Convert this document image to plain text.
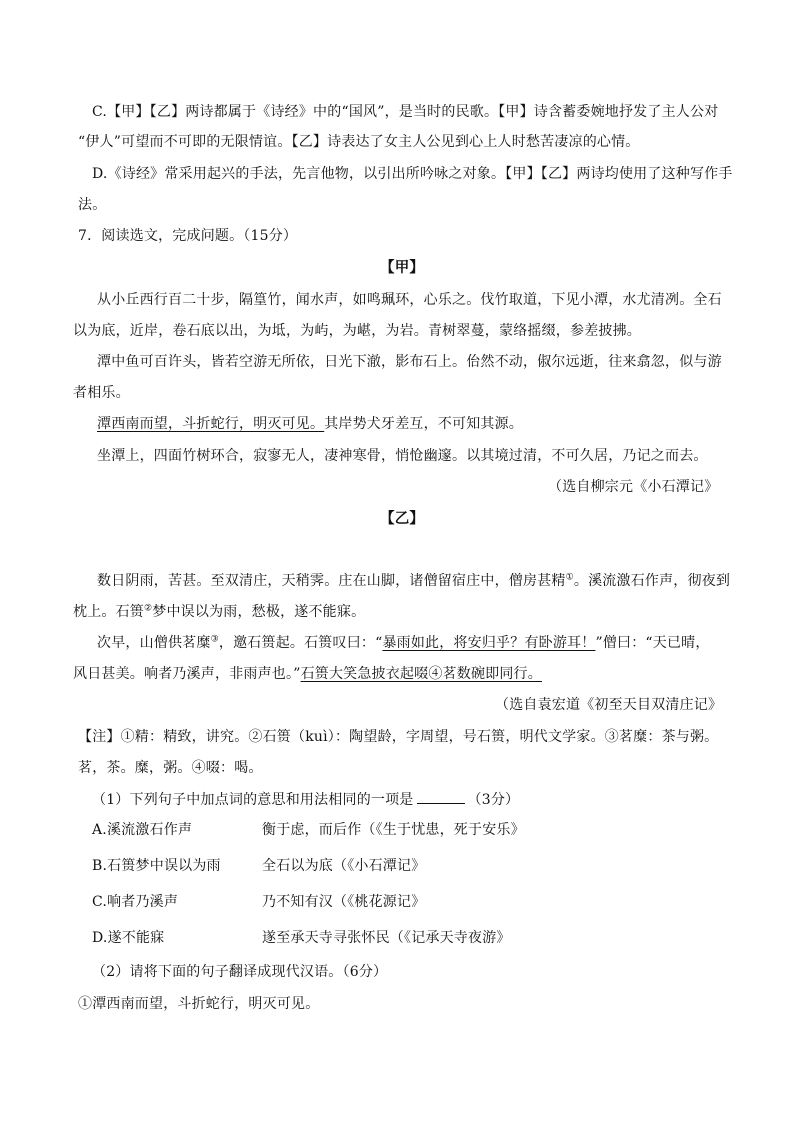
C.【甲】【乙】两诗都属于《诗经》中的“国风”，是当时的民歌。【甲】诗含蓄委婉地抒发了主人公对
“伊人”可望而不可即的无限情谊。【乙】诗表达了女主人公见到心上人时愁苦凄凉的心情。
D.《诗经》常采用起兴的手法，先言他物，以引出所吟咏之对象。【甲】【乙】两诗均使用了这种写作手
法。
7．阅读选文，完成问题。（15分）
【甲】
从小丘西行百二十步，隔篁竹，闻水声，如鸣珮环，心乐之。伐竹取道，下见小潭，水尤清冽。全石
以为底，近岸，卷石底以出，为坻，为屿，为嵁，为岩。青树翠蔓，蒙络摇缀，参差披拂。
潭中鱼可百许头，皆若空游无所依，日光下澈，影布石上。佁然不动，俶尔远逝，往来翕忽，似与游
者相乐。
潭西南而望，斗折蛇行，明灭可见。其岸势犬牙差互，不可知其源。
坐潭上，四面竹树环合，寂寥无人，凄神寒骨，悄怆幽邃。以其境过清，不可久居，乃记之而去。
（选自柳宗元《小石潭记》
【乙】
数日阴雨，苦甚。至双清庄，天稍霁。庄在山脚，诸僧留宿庄中，僧房甚精①。溪流激石作声，彻夜到
枕上。石篑②梦中误以为雨，愁极，遂不能寐。
次早，山僧供茗糜③，邀石篑起。石篑叹曰：“暴雨如此，将安归乎？有卧游耳！”僧曰：“天已晴，
风日甚美。响者乃溪声，非雨声也。”石篑大笑急披衣起啜④茗数碗即同行。
（选自袁宏道《初至天目双清庄记》
【注】①精：精致，讲究。②石篑（kuì）：陶望龄，字周望，号石篑，明代文学家。③茗糜：茶与粥。
茗，茶。糜，粥。④啜：喝。
（1）下列句子中加点词的意思和用法相同的一项是	（3分）
A.溪流激石作声	衡于虑，而后作（《生于忧患，死于安乐》
B.石篑梦中误以为雨	全石以为底（《小石潭记》
C.响者乃溪声	乃不知有汉（《桃花源记》
D.遂不能寐	遂至承天寺寻张怀民（《记承天寺夜游》
（2）请将下面的句子翻译成现代汉语。（6分）
①潭西南而望，斗折蛇行，明灭可见。
